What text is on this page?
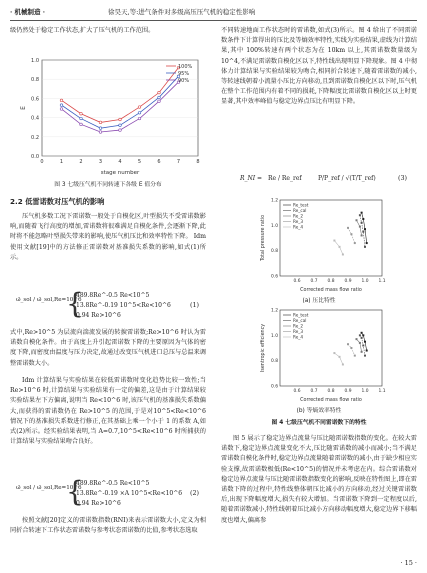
· 机械制造 ·	徐昊天,等:进气条件对多级高压压气机的稳定性影响

级仍然处于稳定工作状态,扩大了压气机的工作范围。

0.0
0.2
0.4
0.6
0.8
1.0
0	1	2	3	4	5	6	7	8
stage number
E
100%
95%
90%
图 3 七级压气机不同转速下各级 E 值分布
2.2 低雷诺数对压气机的影响
压气机多数工况下雷诺数一般处于自模化区,叶型损失不受雷诺数影响,而随着飞行高度的增加,雷诺数将很难满足自模化条件,会逐渐下降,此时将不能忽略叶型损失带来的影响,使压气机压比和效率特性下降。 Idm 使用文献[19]中的方法修正雷诺数对基准损失系数的影响,如式(1)所示。
ω̄_sol / ω̄_sol,Re=10^6
{
489.8Re^-0.5 Re<10^5
13.8Re^-0.19 10^5<Re<10^6
0.94 Re>10^6
(1)
式中,Re>10^5 为层流向湍流发展的转捩雷诺数;Re>10^6 时认为雷诺数自模化条件。由于高度上升引起雷诺数下降的主要原因为气体的密度下降,而密度由温度与压力决定,故通过改变压气机进口总压与总温来调整雷诺数大小。
Idm 计算结果与实验结果在较低雷诺数时变化趋势比较一致性;当 Re>10^6 时,计算结果与实验结果有一定的偏差,这是由于计算结果较实验结果左下方偏离,说明当 Re<10^6 时,该压气机的基准损失系数偏大,而获得的雷诺数仍在 Re>10^5 的范围,于是对10^5<Re<10^6 情况下的基准损失系数进行修正,在其基础上乘一个小于 1 的系数 A,如式(2)所示。经实验结果表明,当 A=0.7,10^5<Re<10^6 时所捕获的计算结果与实验结果吻合良好。
ω̄_sol / ω̄_sol,Re=10^6
{
489.8Re^-0.5 Re<10^5
13.8Re^-0.19 ×A 10^5<Re<10^6
0.94 Re>10^6
(2)
按照文献[20]定义的雷诺数指数(RNI)来表示雷诺数大小,定义为相同折合转速下工作状态雷诺数与参考状态雷诺数的比值,参考状态选取
不同转速地面工作状态时的雷诺数,如式(3)所示。图 4 给出了不同雷诺数条件下计算得出的压比及等熵效率特性,实线为实验结果,虚线为计算结果,其中 100%转速有两个状态为在 10km 以上,其雷诺数数量级为 10^4,不满足雷诺数自模化区以下,特性线出现明显下降现象。图 4 中彻体力计算结果与实验结果较为吻合,相同折合转速下,随着雷诺数的减小,等转速线朝着小流量小压比方向移动,且到雷诺数自模化区以下时,压气机在整个工作范围内有着不同的损耗,下降幅度比雷诺数自模化区以上时更显著,其中效率峰值与稳定边界点压比有明显下降。
R_NI = Re / Re_ref	P/P_ref / √(T/T_ref)	(3)
0.6 0.7 0.8 0.9 1.0 1.1
0.6
0.8
1.0
1.2
Corrected mass flow ratio
Total pressure ratio
Re_test
Re_cal
Re_2
Re_3
Re_4
(a) 压比特性
0.6 0.7 0.8 0.9 1.0 1.1
0.6
0.8
1.0
1.2
Corrected mass flow ratio
Isentropic efficiency
Re_test
Re_cal
Re_2
Re_3
Re_4
(b) 等熵效率特性
图 4 七级压气机不同雷诺数下的特性
图 5 展示了稳定边界点流量与压比随雷诺数指数的变化。在较大雷诺数下,稳定边界点流量变化不大,压比随雷诺数的减小而减小;当不满足雷诺数自模化条件时,稳定边界点流量随着雷诺数的减小,由于缺少相应实验支撑,故雷诺数极低(Re<10^5)的情况并未考虑在内。综合雷诺数对稳定边界点流量与压比随雷诺数指数变化的影响,反映在特性图上,即在雷诺数下降的过程中,特性线整体朝压比减小的方向移动,经过关键雷诺数后,出现下降幅度增大,损失有较大增加。当雷诺数下降到一定程度以后,随着雷诺数减小,特性线朝着压比减小方向移动幅度增大,稳定边界下移幅度也增大,偏离参
· 15 ·
